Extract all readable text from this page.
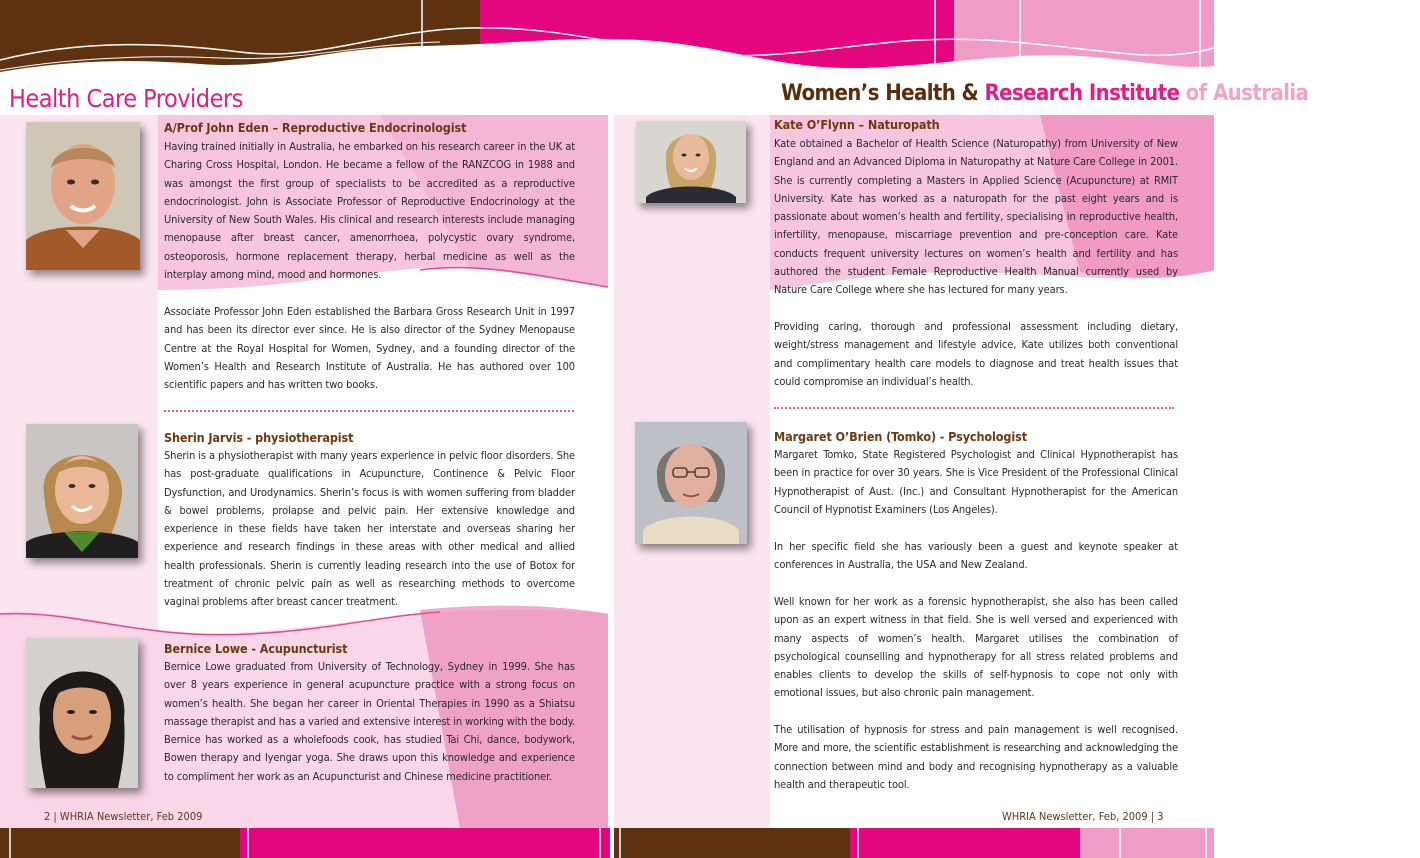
Health Care Providers	Women’s Health & Research Institute of Australia
A/Prof John Eden – Reproductive Endocrinologist

Having trained initially in Australia, he embarked on his research career in the UK at Charing Cross Hospital, London. He became a fellow of the RANZCOG in 1988 and was amongst the first group of specialists to be accredited as a reproductive endocrinologist. John is Associate Professor of Reproductive Endocrinology at the University of New South Wales. His clinical and research interests include managing menopause after breast cancer, amenorrhoea, polycystic ovary syndrome, osteoporosis, hormone replacement therapy, herbal medicine as well as the interplay among mind, mood and hormones.

Associate Professor John Eden established the Barbara Gross Research Unit in 1997 and has been its director ever since. He is also director of the Sydney Menopause Centre at the Royal Hospital for Women, Sydney, and a founding director of the Women’s Health and Research Institute of Australia. He has authored over 100 scientific papers and has written two books.

Sherin Jarvis - physiotherapist

Sherin is a physiotherapist with many years experience in pelvic floor disorders. She has post-graduate qualifications in Acupuncture, Continence & Pelvic Floor Dysfunction, and Urodynamics. Sherin’s focus is with women suffering from bladder & bowel problems, prolapse and pelvic pain. Her extensive knowledge and experience in these fields have taken her interstate and overseas sharing her experience and research findings in these areas with other medical and allied health professionals. Sherin is currently leading research into the use of Botox for treatment of chronic pelvic pain as well as researching methods to overcome vaginal problems after breast cancer treatment.

Bernice Lowe - Acupuncturist

Bernice Lowe graduated from University of Technology, Sydney in 1999. She has over 8 years experience in general acupuncture practice with a strong focus on women’s health. She began her career in Oriental Therapies in 1990 as a Shiatsu massage therapist and has a varied and extensive interest in working with the body. Bernice has worked as a wholefoods cook, has studied Tai Chi, dance, bodywork, Bowen therapy and Iyengar yoga. She draws upon this knowledge and experience to compliment her work as an Acupuncturist and Chinese medicine practitioner.

2 | WHRIA Newsletter, Feb 2009
Kate O’Flynn – Naturopath

Kate obtained a Bachelor of Health Science (Naturopathy) from University of New England and an Advanced Diploma in Naturopathy at Nature Care College in 2001. She is currently completing a Masters in Applied Science (Acupuncture) at RMIT University. Kate has worked as a naturopath for the past eight years and is passionate about women’s health and fertility, specialising in reproductive health, infertility, menopause, miscarriage prevention and pre-conception care. Kate conducts frequent university lectures on women’s health and fertility and has authored the student Female Reproductive Health Manual currently used by Nature Care College where she has lectured for many years.

Providing caring, thorough and professional assessment including dietary, weight/stress management and lifestyle advice, Kate utilizes both conventional and complimentary health care models to diagnose and treat health issues that could compromise an individual’s health.

Margaret O’Brien (Tomko) - Psychologist

Margaret Tomko, State Registered Psychologist and Clinical Hypnotherapist has been in practice for over 30 years. She is Vice President of the Professional Clinical Hypnotherapist of Aust. (Inc.) and Consultant Hypnotherapist for the American Council of Hypnotist Examiners (Los Angeles).

In her specific field she has variously been a guest and keynote speaker at conferences in Australia, the USA and New Zealand.

Well known for her work as a forensic hypnotherapist, she also has been called upon as an expert witness in that field. She is well versed and experienced with many aspects of women’s health. Margaret utilises the combination of psychological counselling and hypnotherapy for all stress related problems and enables clients to develop the skills of self-hypnosis to cope not only with emotional issues, but also chronic pain management.

The utilisation of hypnosis for stress and pain management is well recognised. More and more, the scientific establishment is researching and acknowledging the connection between mind and body and recognising hypnotherapy as a valuable health and therapeutic tool.

WHRIA Newsletter, Feb, 2009 | 3
